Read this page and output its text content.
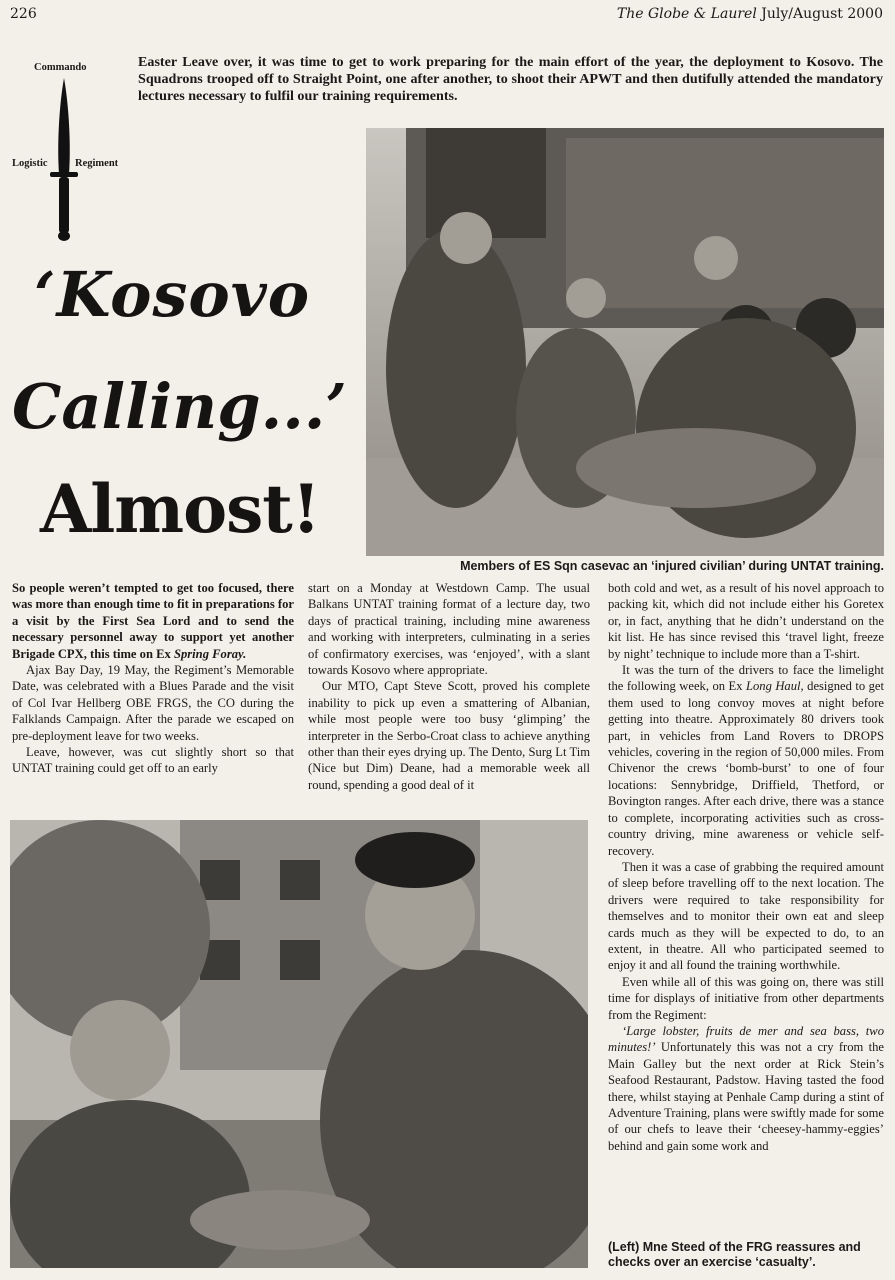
226	The Globe & Laurel July/August 2000
Commando
Logistic	Regiment
Easter Leave over, it was time to get to work preparing for the main effort of the year, the deployment to Kosovo. The Squadrons trooped off to Straight Point, one after another, to shoot their APWT and then dutifully attended the mandatory lectures necessary to fulfil our training requirements.
‘Kosovo
Calling...’
Almost!
Members of ES Sqn casevac an ‘injured civilian’ during UNTAT training.

So people weren’t tempted to get too focused, there was more than enough time to fit in preparations for a visit by the First Sea Lord and to send the necessary personnel away to support yet another Brigade CPX, this time on Ex Spring Foray.

Ajax Bay Day, 19 May, the Regiment’s Memorable Date, was celebrated with a Blues Parade and the visit of Col Ivar Hellberg OBE FRGS, the CO during the Falklands Campaign. After the parade we escaped on pre-deployment leave for two weeks.

Leave, however, was cut slightly short so that UNTAT training could get off to an early

start on a Monday at Westdown Camp. The usual Balkans UNTAT training format of a lecture day, two days of practical training, including mine awareness and working with interpreters, culminating in a series of confirmatory exercises, was ‘enjoyed’, with a slant towards Kosovo where appropriate.

Our MTO, Capt Steve Scott, proved his complete inability to pick up even a smattering of Albanian, while most people were too busy ‘glimping’ the interpreter in the Serbo-Croat class to achieve anything other than their eyes drying up. The Dento, Surg Lt Tim (Nice but Dim) Deane, had a memorable week all round, spending a good deal of it

both cold and wet, as a result of his novel approach to packing kit, which did not include either his Goretex or, in fact, anything that he didn’t understand on the kit list. He has since revised this ‘travel light, freeze by night’ technique to include more than a T-shirt.

It was the turn of the drivers to face the limelight the following week, on Ex Long Haul, designed to get them used to long convoy moves at night before getting into theatre. Approximately 80 drivers took part, in vehicles from Land Rovers to DROPS vehicles, covering in the region of 50,000 miles. From Chivenor the crews ‘bomb-burst’ to one of four locations: Sennybridge, Driffield, Thetford, or Bovington ranges. After each drive, there was a stance to complete, incorporating activities such as cross-country driving, mine awareness or vehicle self-recovery.

Then it was a case of grabbing the required amount of sleep before travelling off to the next location. The drivers were required to take responsibility for themselves and to monitor their own eat and sleep cards much as they will be expected to do, to an extent, in theatre. All who participated seemed to enjoy it and all found the training worthwhile.

Even while all of this was going on, there was still time for displays of initiative from other departments from the Regiment:

‘Large lobster, fruits de mer and sea bass, two minutes!’ Unfortunately this was not a cry from the Main Galley but the next order at Rick Stein’s Seafood Restaurant, Padstow. Having tasted the food there, whilst staying at Penhale Camp during a stint of Adventure Training, plans were swiftly made for some of our chefs to leave their ‘cheesey-hammy-eggies’ behind and gain some work and

(Left) Mne Steed of the FRG reassures and checks over an exercise ‘casualty’.
